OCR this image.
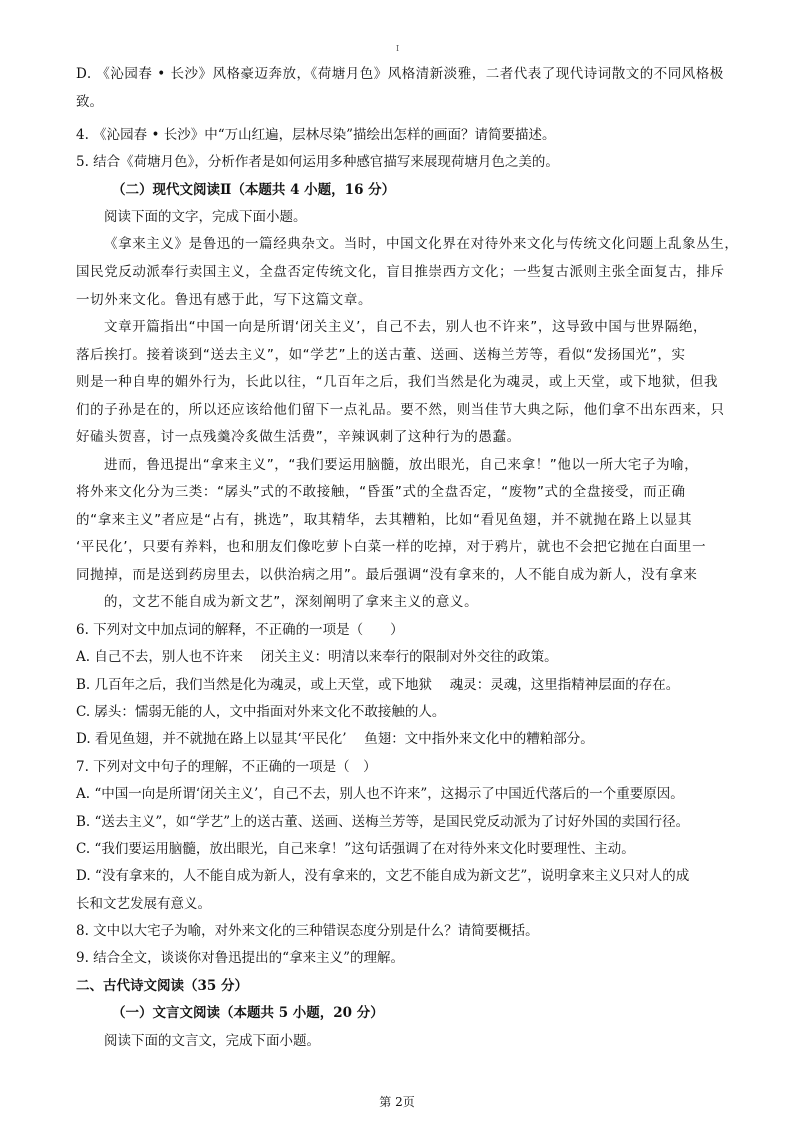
I
D. 《沁园春 • 长沙》风格豪迈奔放，《荷塘月色》风格清新淡雅，二者代表了现代诗词散文的不同风格极
致。
4. 《沁园春 • 长沙》中“万山红遍，层林尽染”描绘出怎样的画面？请简要描述。
5. 结合《荷塘月色》，分析作者是如何运用多种感官描写来展现荷塘月色之美的。
（二）现代文阅读Ⅱ（本题共 4 小题，16 分）
阅读下面的文字，完成下面小题。
《拿来主义》是鲁迅的一篇经典杂文。当时，中国文化界在对待外来文化与传统文化问题上乱象丛生，
国民党反动派奉行卖国主义，全盘否定传统文化，盲目推崇西方文化；一些复古派则主张全面复古，排斥
一切外来文化。鲁迅有感于此，写下这篇文章。
文章开篇指出“中国一向是所谓‘闭关主义’，自己不去，别人也不许来”，这导致中国与世界隔绝，
落后挨打。接着谈到“送去主义”，如“学艺”上的送古董、送画、送梅兰芳等，看似“发扬国光”，实
则是一种自卑的媚外行为，长此以往，“几百年之后，我们当然是化为魂灵，或上天堂，或下地狱，但我
们的子孙是在的，所以还应该给他们留下一点礼品。要不然，则当佳节大典之际，他们拿不出东西来，只
好磕头贺喜，讨一点残羹冷炙做生活费”，辛辣讽刺了这种行为的愚蠢。
进而，鲁迅提出“拿来主义”，“我们要运用脑髓，放出眼光，自己来拿！”他以一所大宅子为喻，
将外来文化分为三类：“孱头”式的不敢接触，“昏蛋”式的全盘否定，“废物”式的全盘接受，而正确
的“拿来主义”者应是“占有，挑选”，取其精华，去其糟粕，比如“看见鱼翅，并不就抛在路上以显其
‘平民化’，只要有养料，也和朋友们像吃萝卜白菜一样的吃掉，对于鸦片，就也不会把它抛在白面里一
同抛掉，而是送到药房里去，以供治病之用”。最后强调“没有拿来的，人不能自成为新人，没有拿来
的，文艺不能自成为新文艺”，深刻阐明了拿来主义的意义。
6. 下列对文中加点词的解释，不正确的一项是（　　）
A. 自己不去，别人也不许来　 闭关主义：明清以来奉行的限制对外交往的政策。
B. 几百年之后，我们当然是化为魂灵，或上天堂，或下地狱　 魂灵：灵魂，这里指精神层面的存在。
C. 孱头：懦弱无能的人，文中指面对外来文化不敢接触的人。
D. 看见鱼翅，并不就抛在路上以显其‘平民化’　 鱼翅：文中指外来文化中的糟粕部分。
7. 下列对文中句子的理解，不正确的一项是（　）
A. “中国一向是所谓‘闭关主义’，自己不去，别人也不许来”，这揭示了中国近代落后的一个重要原因。
B. “送去主义”，如“学艺”上的送古董、送画、送梅兰芳等，是国民党反动派为了讨好外国的卖国行径。
C. “我们要运用脑髓，放出眼光，自己来拿！”这句话强调了在对待外来文化时要理性、主动。
D. “没有拿来的，人不能自成为新人，没有拿来的，文艺不能自成为新文艺”，说明拿来主义只对人的成
长和文艺发展有意义。
8. 文中以大宅子为喻，对外来文化的三种错误态度分别是什么？请简要概括。
9. 结合全文，谈谈你对鲁迅提出的“拿来主义”的理解。
二、古代诗文阅读（35 分）
（一）文言文阅读（本题共 5 小题，20 分）
阅读下面的文言文，完成下面小题。
第 2页
